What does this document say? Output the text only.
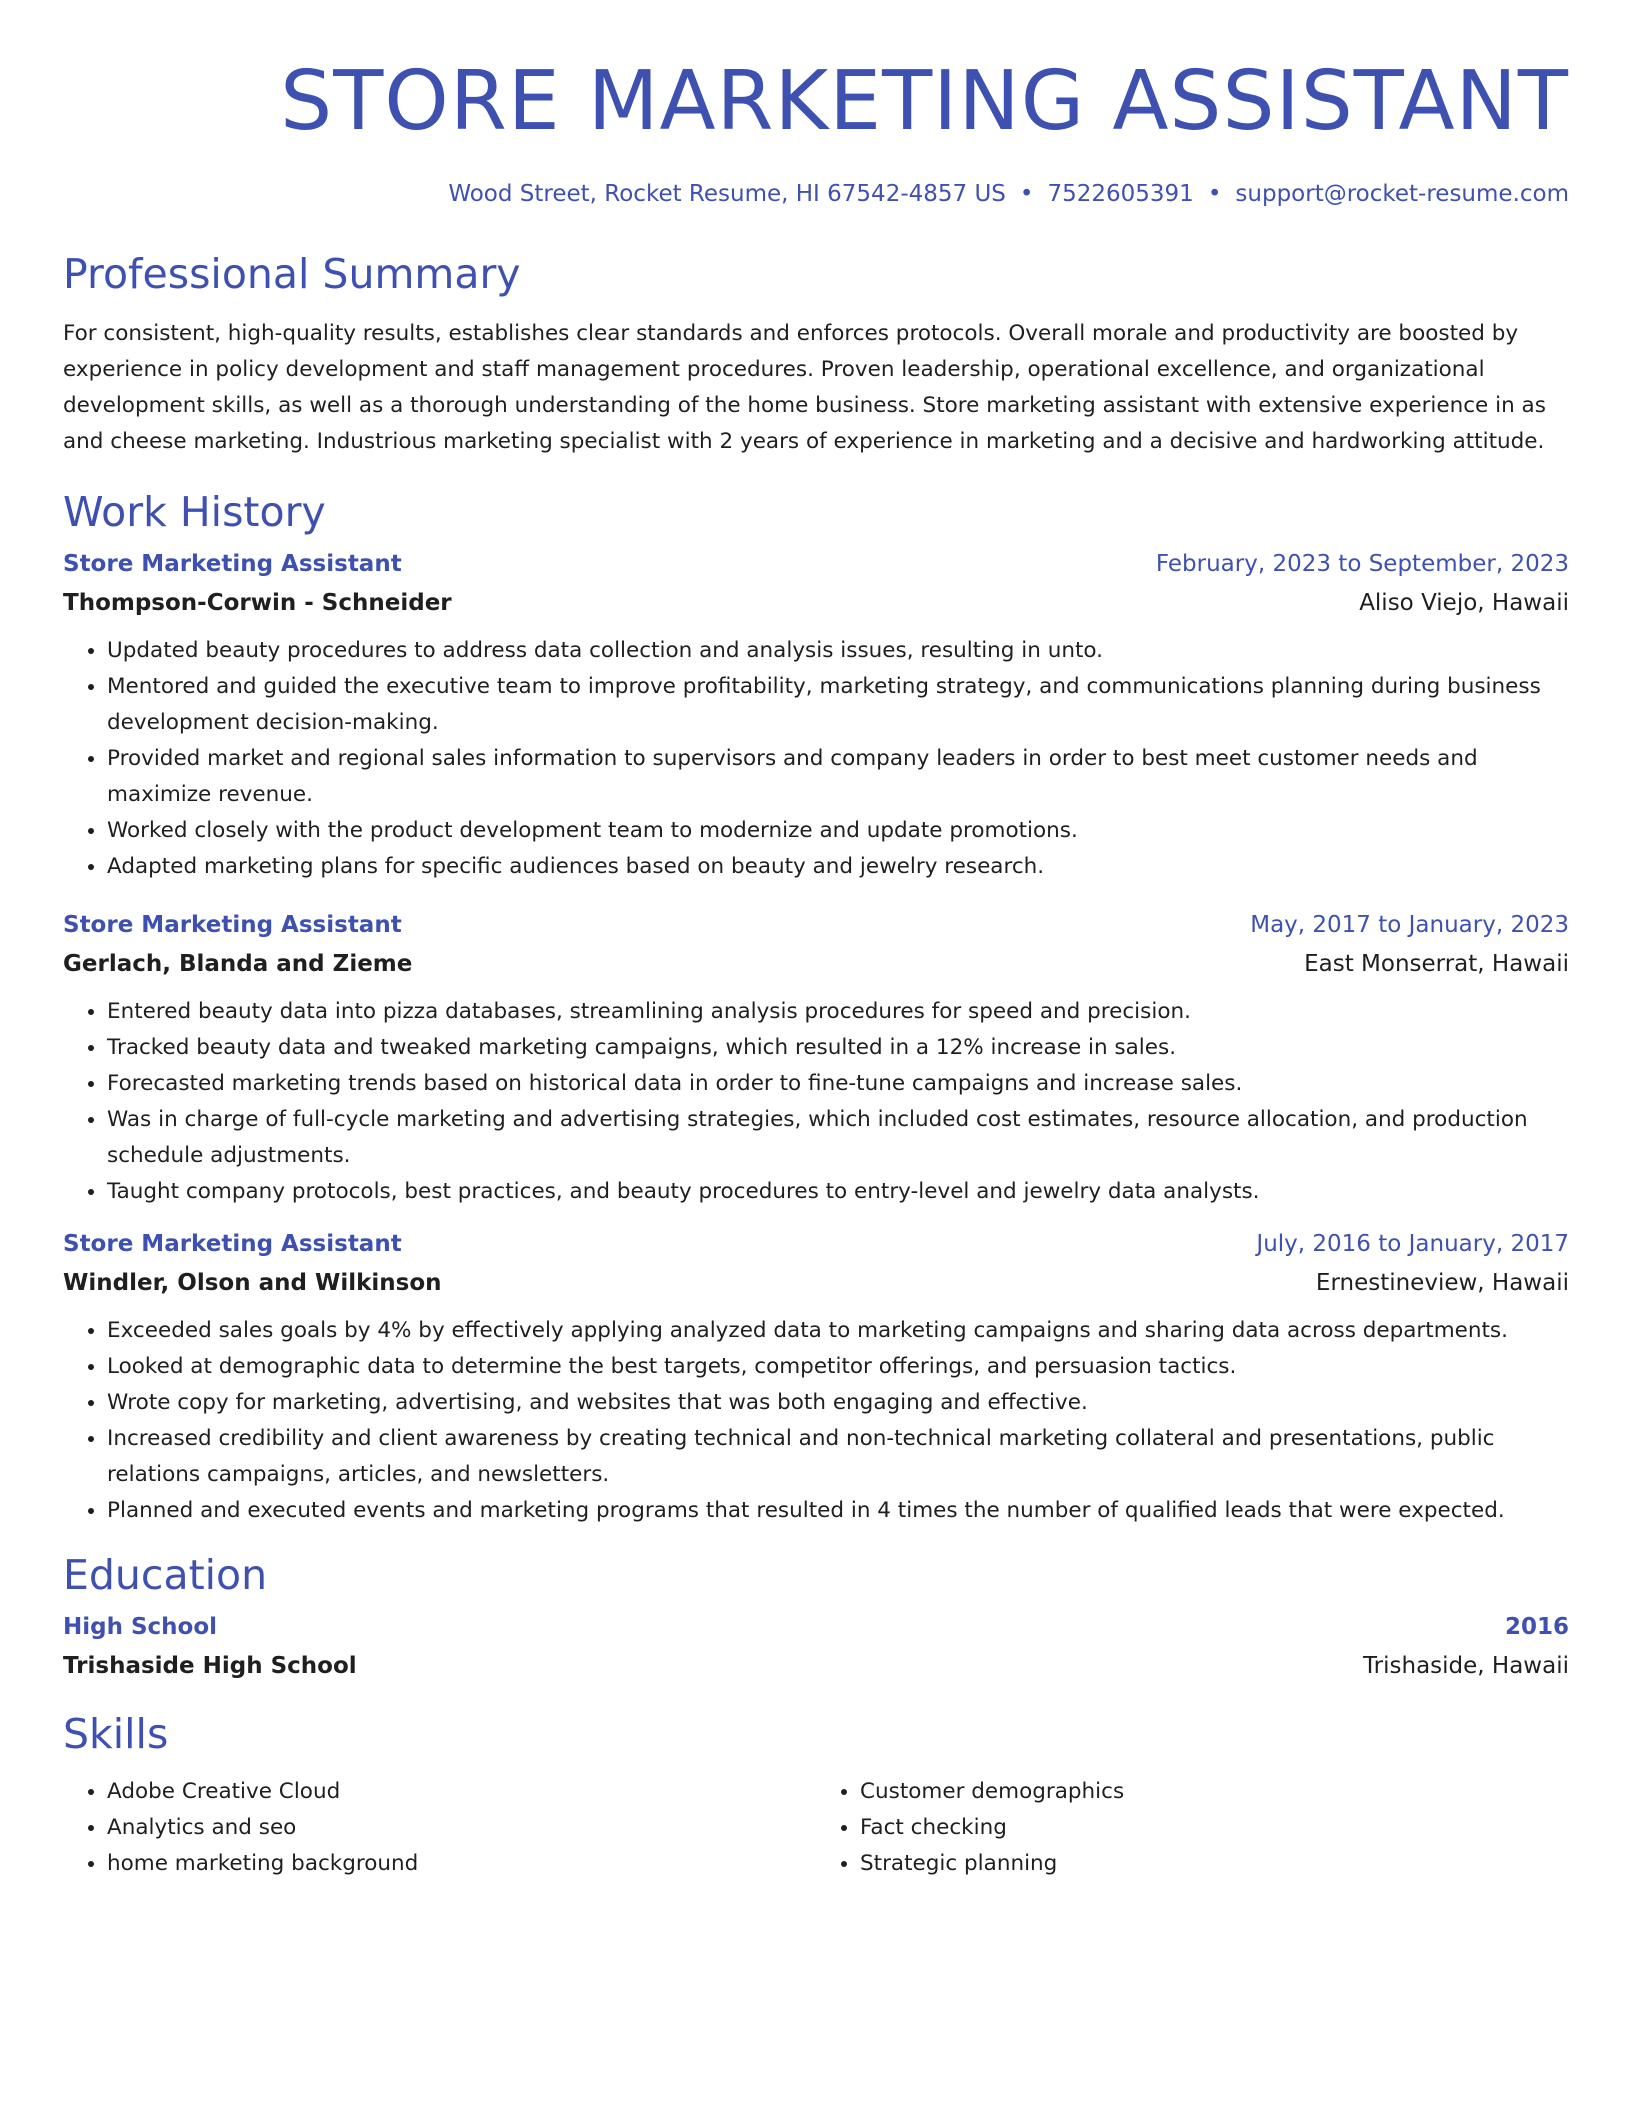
STORE MARKETING ASSISTANT
Wood Street, Rocket Resume, HI 67542-4857 US • 7522605391 • support@rocket-resume.com
Professional Summary

For consistent, high-quality results, establishes clear standards and enforces protocols. Overall morale and productivity are boosted by experience in policy development and staff management procedures. Proven leadership, operational excellence, and organizational development skills, as well as a thorough understanding of the home business. Store marketing assistant with extensive experience in as and cheese marketing. Industrious marketing specialist with 2 years of experience in marketing and a decisive and hardworking attitude.

Work History
Store Marketing Assistant	February, 2023 to September, 2023
Thompson-Corwin - Schneider	Aliso Viejo, Hawaii
• Updated beauty procedures to address data collection and analysis issues, resulting in unto.
• Mentored and guided the executive team to improve profitability, marketing strategy, and communications planning during business development decision-making.
• Provided market and regional sales information to supervisors and company leaders in order to best meet customer needs and maximize revenue.
• Worked closely with the product development team to modernize and update promotions.
• Adapted marketing plans for specific audiences based on beauty and jewelry research.
Store Marketing Assistant	May, 2017 to January, 2023
Gerlach, Blanda and Zieme	East Monserrat, Hawaii
• Entered beauty data into pizza databases, streamlining analysis procedures for speed and precision.
• Tracked beauty data and tweaked marketing campaigns, which resulted in a 12% increase in sales.
• Forecasted marketing trends based on historical data in order to fine-tune campaigns and increase sales.
• Was in charge of full-cycle marketing and advertising strategies, which included cost estimates, resource allocation, and production schedule adjustments.
• Taught company protocols, best practices, and beauty procedures to entry-level and jewelry data analysts.
Store Marketing Assistant	July, 2016 to January, 2017
Windler, Olson and Wilkinson	Ernestineview, Hawaii
• Exceeded sales goals by 4% by effectively applying analyzed data to marketing campaigns and sharing data across departments.
• Looked at demographic data to determine the best targets, competitor offerings, and persuasion tactics.
• Wrote copy for marketing, advertising, and websites that was both engaging and effective.
• Increased credibility and client awareness by creating technical and non-technical marketing collateral and presentations, public relations campaigns, articles, and newsletters.
• Planned and executed events and marketing programs that resulted in 4 times the number of qualified leads that were expected.
Education
High School	2016
Trishaside High School	Trishaside, Hawaii
Skills
• Adobe Creative Cloud
• Analytics and seo
• home marketing background
• Customer demographics
• Fact checking
• Strategic planning
